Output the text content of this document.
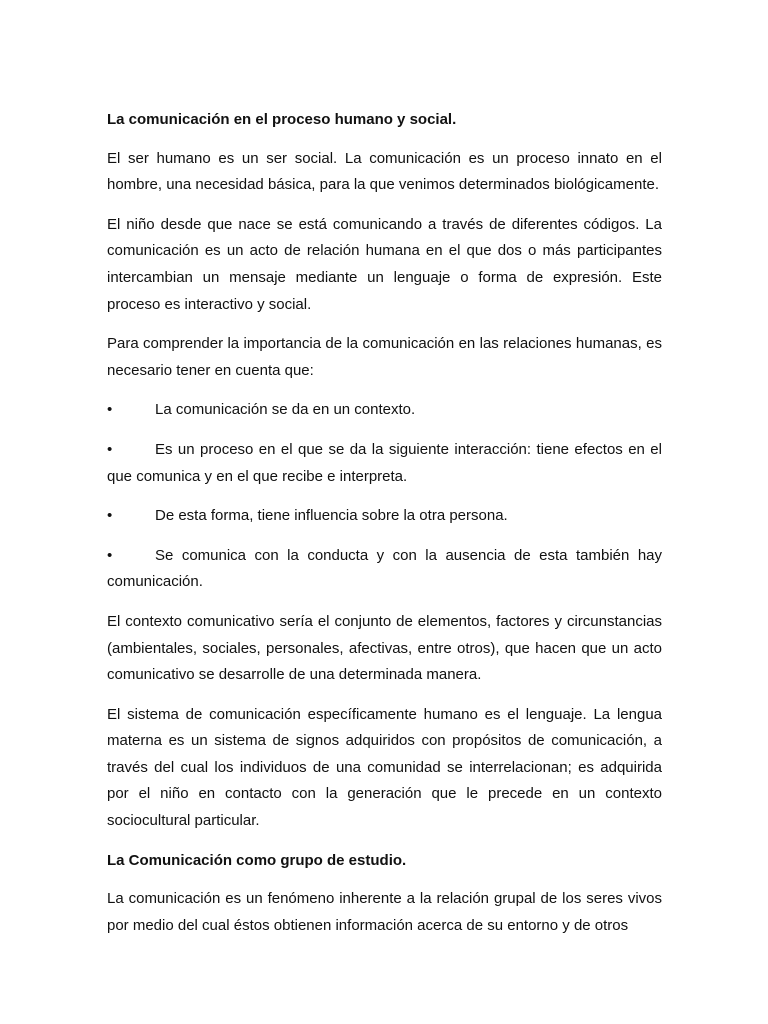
La comunicación en el proceso humano y social.

El ser humano es un ser social. La comunicación es un proceso innato en el hombre, una necesidad básica, para la que venimos determinados biológicamente.

El niño desde que nace se está comunicando a través de diferentes códigos. La comunicación es un acto de relación humana en el que dos o más participantes intercambian un mensaje mediante un lenguaje o forma de expresión. Este proceso es interactivo y social.

Para comprender la importancia de la comunicación en las relaciones humanas, es necesario tener en cuenta que:

•	La comunicación se da en un contexto.
•	Es un proceso en el que se da la siguiente interacción: tiene efectos en el que comunica y en el que recibe e interpreta.
•	De esta forma, tiene influencia sobre la otra persona.
•	Se comunica con la conducta y con la ausencia de esta también hay comunicación.

El contexto comunicativo sería el conjunto de elementos, factores y circunstancias (ambientales, sociales, personales, afectivas, entre otros), que hacen que un acto comunicativo se desarrolle de una determinada manera.

El sistema de comunicación específicamente humano es el lenguaje. La lengua materna es un sistema de signos adquiridos con propósitos de comunicación, a través del cual los individuos de una comunidad se interrelacionan; es adquirida por el niño en contacto con la generación que le precede en un contexto sociocultural particular.

La Comunicación como grupo de estudio.

La comunicación es un fenómeno inherente a la relación grupal de los seres vivos por medio del cual éstos obtienen información acerca de su entorno y de otros
